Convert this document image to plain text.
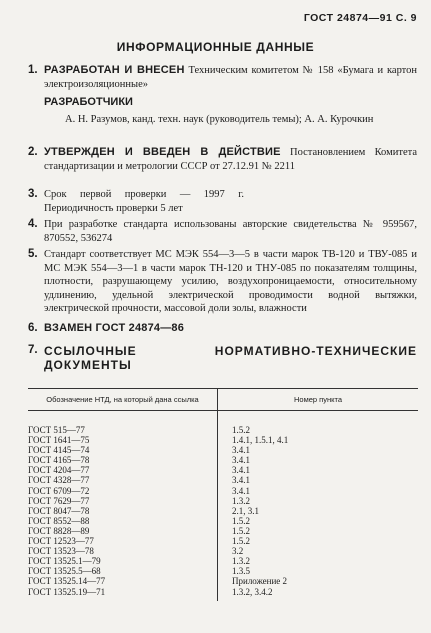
ГОСТ 24874—91 С. 9
ИНФОРМАЦИОННЫЕ ДАННЫЕ
1. РАЗРАБОТАН И ВНЕСЕН Техническим комитетом № 158 «Бумага и картон электроизоляционные»
РАЗРАБОТЧИКИ
А. Н. Разумов, канд. техн. наук (руководитель темы); А. А. Курочкин
2. УТВЕРЖДЕН И ВВЕДЕН В ДЕЙСТВИЕ Постановлением Комитета стандартизации и метрологии СССР от 27.12.91 № 2211
3. Срок первой проверки — 1997 г. Периодичность проверки 5 лет
4. При разработке стандарта использованы авторские свидетельства № 959567, 870552, 536274
5. Стандарт соответствует МС МЭК 554—3—5 в части марок ТВ-120 и ТВУ-085 и МС МЭК 554—3—1 в части марок ТН-120 и ТНУ-085 по показателям толщины, плотности, разрушающему усилию, воздухопроницаемости, относительному удлинению, удельной электрической проводимости водной вытяжки, электрической прочности, массовой доли золы, влажности
6. ВЗАМЕН ГОСТ 24874—86
7. ССЫЛОЧНЫЕ НОРМАТИВНО-ТЕХНИЧЕСКИЕ ДОКУМЕНТЫ
Обозначение НТД, на который дана ссылка	Номер пункта
ГОСТ 515—77	1.5.2
ГОСТ 1641—75	1.4.1, 1.5.1, 4.1
ГОСТ 4145—74	3.4.1
ГОСТ 4165—78	3.4.1
ГОСТ 4204—77	3.4.1
ГОСТ 4328—77	3.4.1
ГОСТ 6709—72	3.4.1
ГОСТ 7629—77	1.3.2
ГОСТ 8047—78	2.1, 3.1
ГОСТ 8552—88	1.5.2
ГОСТ 8828—89	1.5.2
ГОСТ 12523—77	1.5.2
ГОСТ 13523—78	3.2
ГОСТ 13525.1—79	1.3.2
ГОСТ 13525.5—68	1.3.5
ГОСТ 13525.14—77	Приложение 2
ГОСТ 13525.19—71	1.3.2, 3.4.2
